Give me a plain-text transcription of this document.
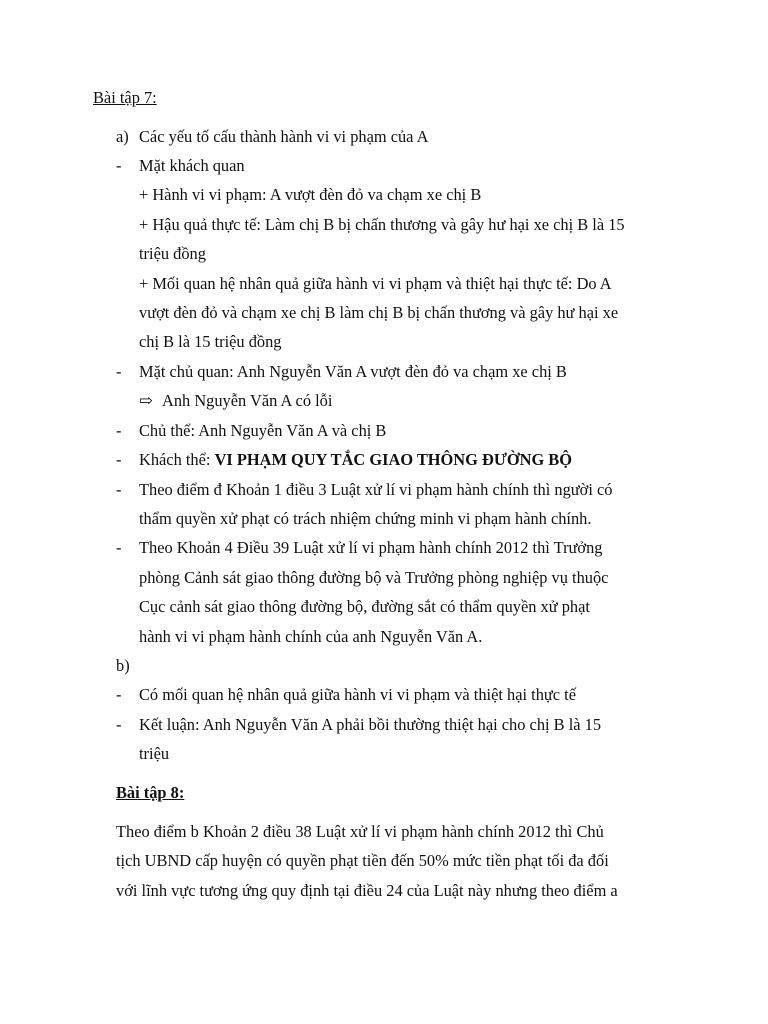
Bài tập 7:
a) Các yếu tố cấu thành hành vi vi phạm của A
- Mặt khách quan
+ Hành vi vi phạm: A vượt đèn đỏ va chạm xe chị B
+ Hậu quả thực tế: Làm chị B bị chấn thương và gây hư hại xe chị B là 15
triệu đồng
+ Mối quan hệ nhân quả giữa hành vi vi phạm và thiệt hại thực tế: Do A
vượt đèn đỏ và chạm xe chị B làm chị B bị chấn thương và gây hư hại xe
chị B là 15 triệu đồng
- Mặt chủ quan: Anh Nguyễn Văn A vượt đèn đỏ va chạm xe chị B
⇨ Anh Nguyễn Văn A có lỗi
- Chủ thể: Anh Nguyễn Văn A và chị B
- Khách thể: VI PHẠM QUY TẮC GIAO THÔNG ĐƯỜNG BỘ
- Theo điểm đ Khoản 1 điều 3 Luật xử lí vi phạm hành chính thì người có
thẩm quyền xử phạt có trách nhiệm chứng minh vi phạm hành chính.
- Theo Khoản 4 Điều 39 Luật xử lí vi phạm hành chính 2012 thì Trưởng
phòng Cảnh sát giao thông đường bộ và Trưởng phòng nghiệp vụ thuộc
Cục cảnh sát giao thông đường bộ, đường sắt có thẩm quyền xử phạt
hành vi vi phạm hành chính của anh Nguyễn Văn A.
b)
- Có mối quan hệ nhân quả giữa hành vi vi phạm và thiệt hại thực tế
- Kết luận: Anh Nguyễn Văn A phải bồi thường thiệt hại cho chị B là 15
triệu
Bài tập 8:
Theo điểm b Khoản 2 điều 38 Luật xử lí vi phạm hành chính 2012 thì Chủ
tịch UBND cấp huyện có quyền phạt tiền đến 50% mức tiền phạt tối đa đối
với lĩnh vực tương ứng quy định tại điều 24 của Luật này nhưng theo điểm a
